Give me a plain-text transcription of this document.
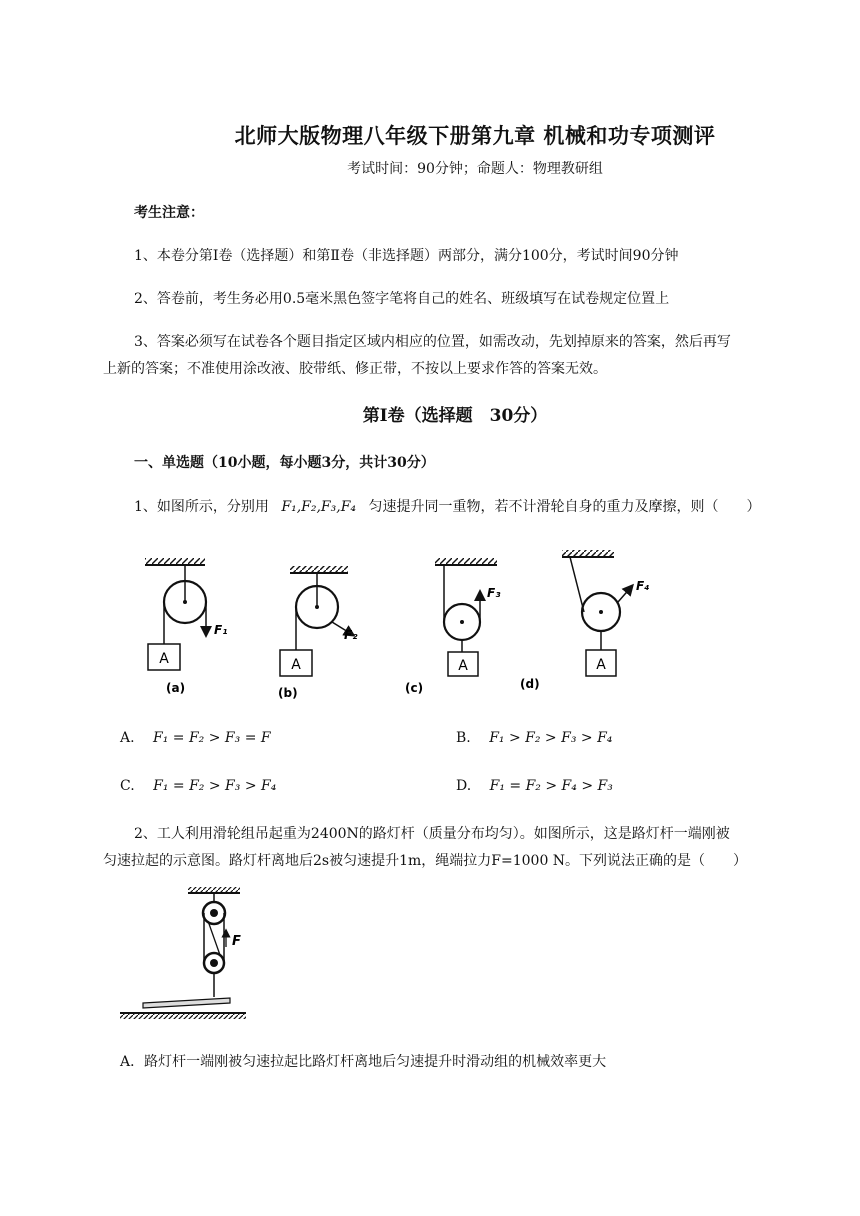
北师大版物理八年级下册第九章 机械和功专项测评
考试时间：90分钟；命题人：物理教研组
考生注意：
1、本卷分第Ⅰ卷（选择题）和第Ⅱ卷（非选择题）两部分，满分100分，考试时间90分钟
2、答卷前，考生务必用0.5毫米黑色签字笔将自己的姓名、班级填写在试卷规定位置上
3、答案必须写在试卷各个题目指定区域内相应的位置，如需改动，先划掉原来的答案，然后再写
上新的答案；不准使用涂改液、胶带纸、修正带，不按以上要求作答的答案无效。
第Ⅰ卷（选择题　30分）
一、单选题（10小题，每小题3分，共计30分）
1、如图所示，分别用 F₁,F₂,F₃,F₄ 匀速提升同一重物，若不计滑轮自身的重力及摩擦，则（　　）
A
F₁
(a)
A
F₂
(b)
A
F₃
(c)
A
F₄
(d)
A. F₁ = F₂ > F₃ = F	B. F₁ > F₂ > F₃ > F₄
C. F₁ = F₂ > F₃ > F₄	D. F₁ = F₂ > F₄ > F₃
2、工人利用滑轮组吊起重为2400N的路灯杆（质量分布均匀）。如图所示，这是路灯杆一端刚被
匀速拉起的示意图。路灯杆离地后2s被匀速提升1m，绳端拉力F=1000 N。下列说法正确的是（　　）
F
A．路灯杆一端刚被匀速拉起比路灯杆离地后匀速提升时滑动组的机械效率更大
